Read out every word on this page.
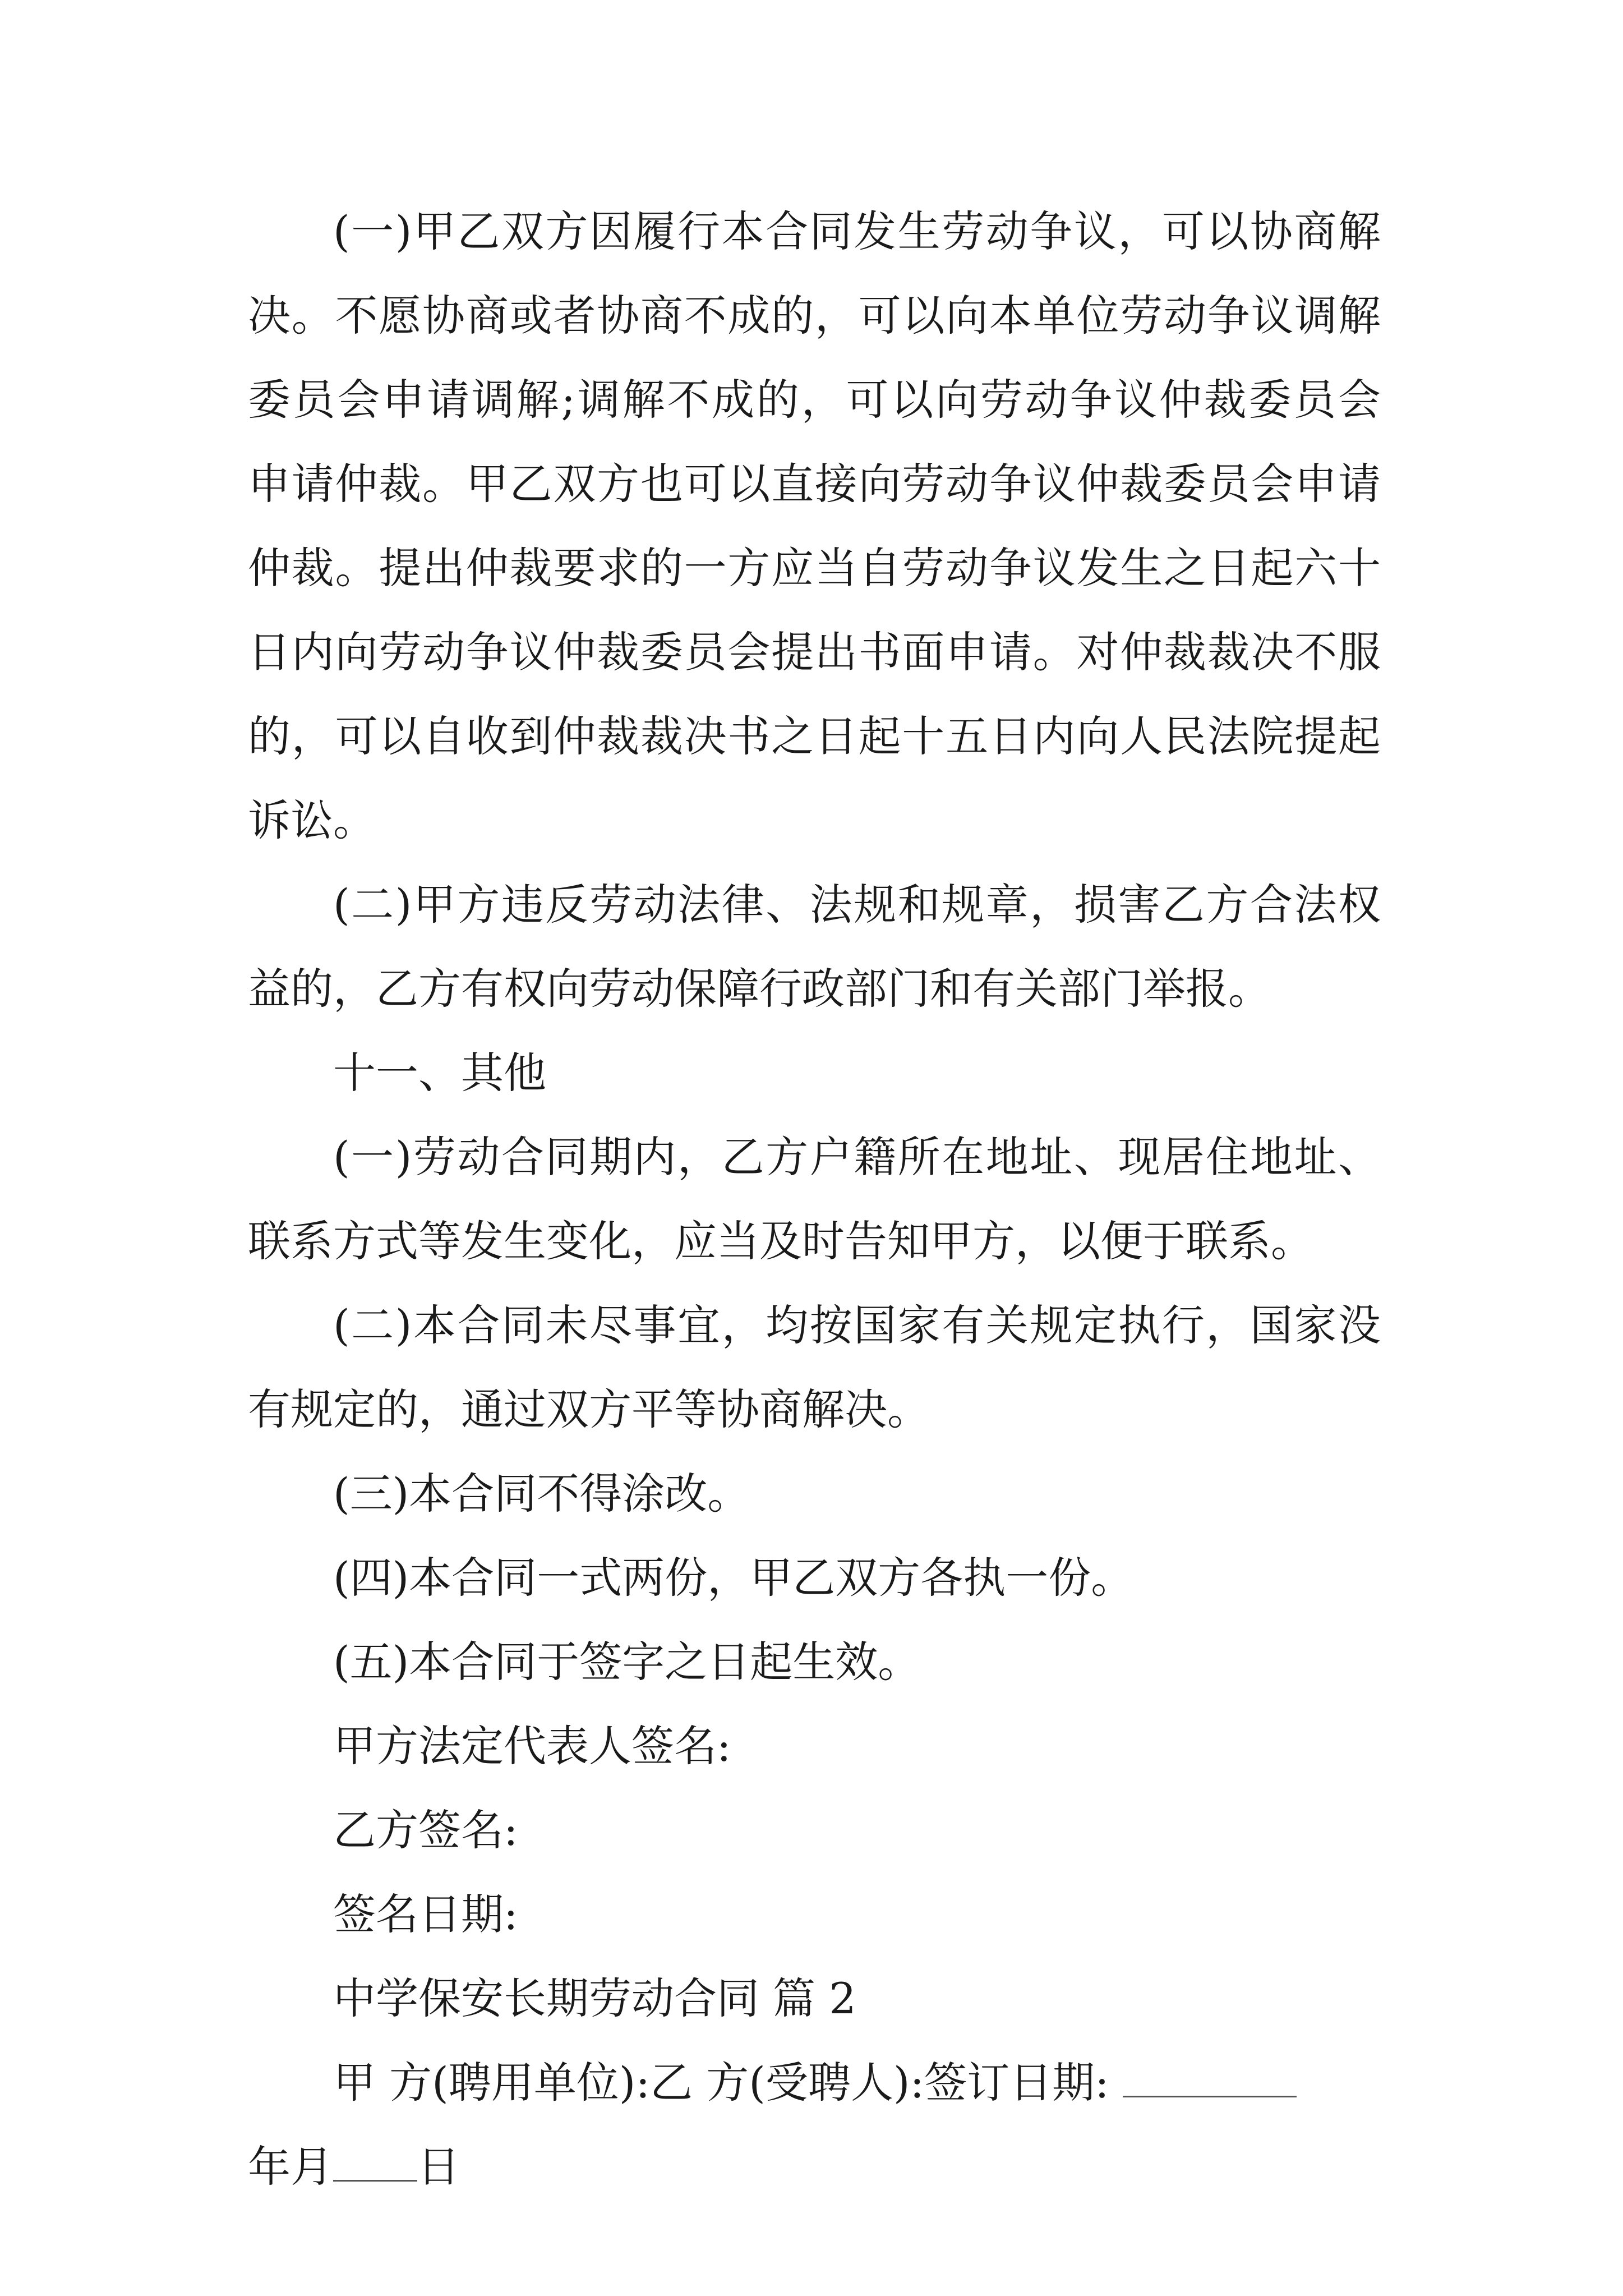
(一)甲乙双方因履行本合同发生劳动争议，可以协商解
决。不愿协商或者协商不成的，可以向本单位劳动争议调解
委员会申请调解;调解不成的，可以向劳动争议仲裁委员会
申请仲裁。甲乙双方也可以直接向劳动争议仲裁委员会申请
仲裁。提出仲裁要求的一方应当自劳动争议发生之日起六十
日内向劳动争议仲裁委员会提出书面申请。对仲裁裁决不服
的，可以自收到仲裁裁决书之日起十五日内向人民法院提起
诉讼。
(二)甲方违反劳动法律、法规和规章，损害乙方合法权
益的，乙方有权向劳动保障行政部门和有关部门举报。
十一、其他
(一)劳动合同期内，乙方户籍所在地址、现居住地址、
联系方式等发生变化，应当及时告知甲方，以便于联系。
(二)本合同未尽事宜，均按国家有关规定执行，国家没
有规定的，通过双方平等协商解决。
(三)本合同不得涂改。
(四)本合同一式两份，甲乙双方各执一份。
(五)本合同于签字之日起生效。
甲方法定代表人签名:
乙方签名:
签名日期:
中学保安长期劳动合同 篇 2
甲 方(聘用单位):乙 方(受聘人):签订日期:
年月 日
